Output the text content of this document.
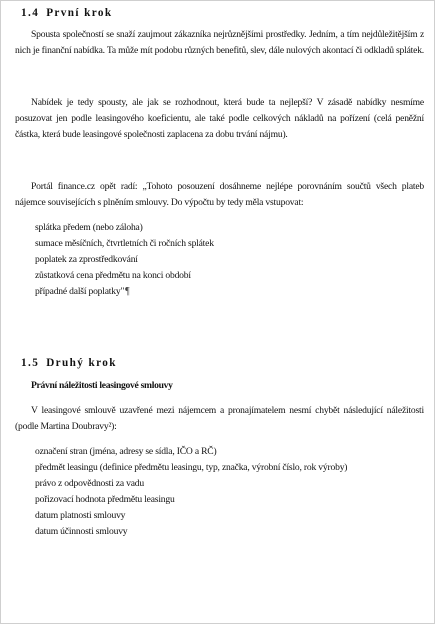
1.4 První krok

Spousta společností se snaží zaujmout zákazníka nejrůznějšími prostředky. Jedním, a tím nejdůležitějším z nich je finanční nabídka. Ta může mít podobu různých benefitů, slev, dále nulových akontací či odkladů splátek.

Nabídek je tedy spousty, ale jak se rozhodnout, která bude ta nejlepší? V zásadě nabídky nesmíme posuzovat jen podle leasingového koeficientu, ale také podle celkových nákladů na pořízení (celá peněžní částka, která bude leasingové společnosti zaplacena za dobu trvání nájmu).

Portál finance.cz opět radí: „Tohoto posouzení dosáhneme nejlépe porovnáním součtů všech plateb nájemce souvisejících s plněním smlouvy. Do výpočtu by tedy měla vstupovat:

splátka předem (nebo záloha)
sumace měsíčních, čtvrtletních či ročních splátek
poplatek za zprostředkování
zůstatková cena předmětu na konci období
případné další poplatky"¶
1.5 Druhý krok

Právní náležitosti leasingové smlouvy

V leasingové smlouvě uzavřené mezi nájemcem a pronajímatelem nesmí chybět následující náležitosti (podle Martina Doubravy²):

označení stran (jména, adresy se sídla, IČO a RČ)
předmět leasingu (definice předmětu leasingu, typ, značka, výrobní číslo, rok výroby)
právo z odpovědnosti za vadu
pořizovací hodnota předmětu leasingu
datum platnosti smlouvy
datum účinnosti smlouvy
